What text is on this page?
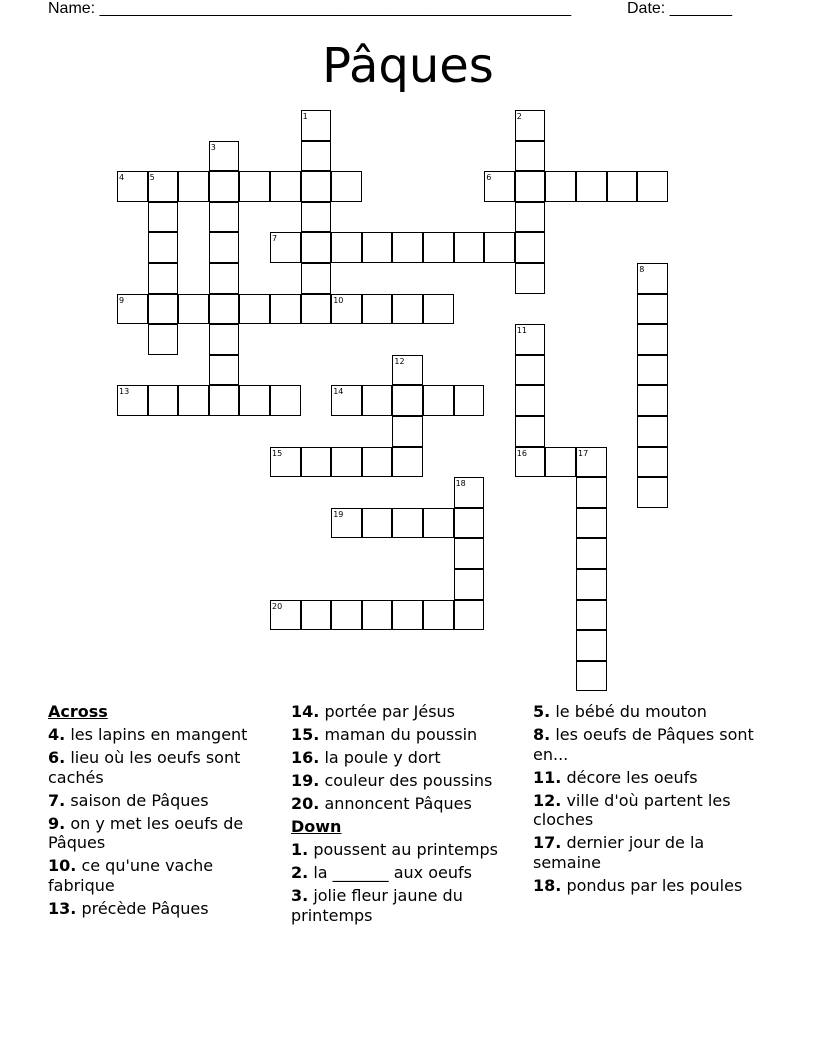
Name: _____________________________________________________	Date: _______
Pâques
1	2
3
4	5	6
7
8
9	10
11
12
13	14
15	16	17
18
19
20
Across
4. les lapins en mangent
6. lieu où les oeufs sont cachés
7. saison de Pâques
9. on y met les oeufs de Pâques
10. ce qu'une vache fabrique
13. précède Pâques
14. portée par Jésus
15. maman du poussin
16. la poule y dort
19. couleur des poussins
20. annoncent Pâques
Down
1. poussent au printemps
2. la _______ aux oeufs
3. jolie fleur jaune du printemps
5. le bébé du mouton
8. les oeufs de Pâques sont en...
11. décore les oeufs
12. ville d'où partent les cloches
17. dernier jour de la semaine
18. pondus par les poules
